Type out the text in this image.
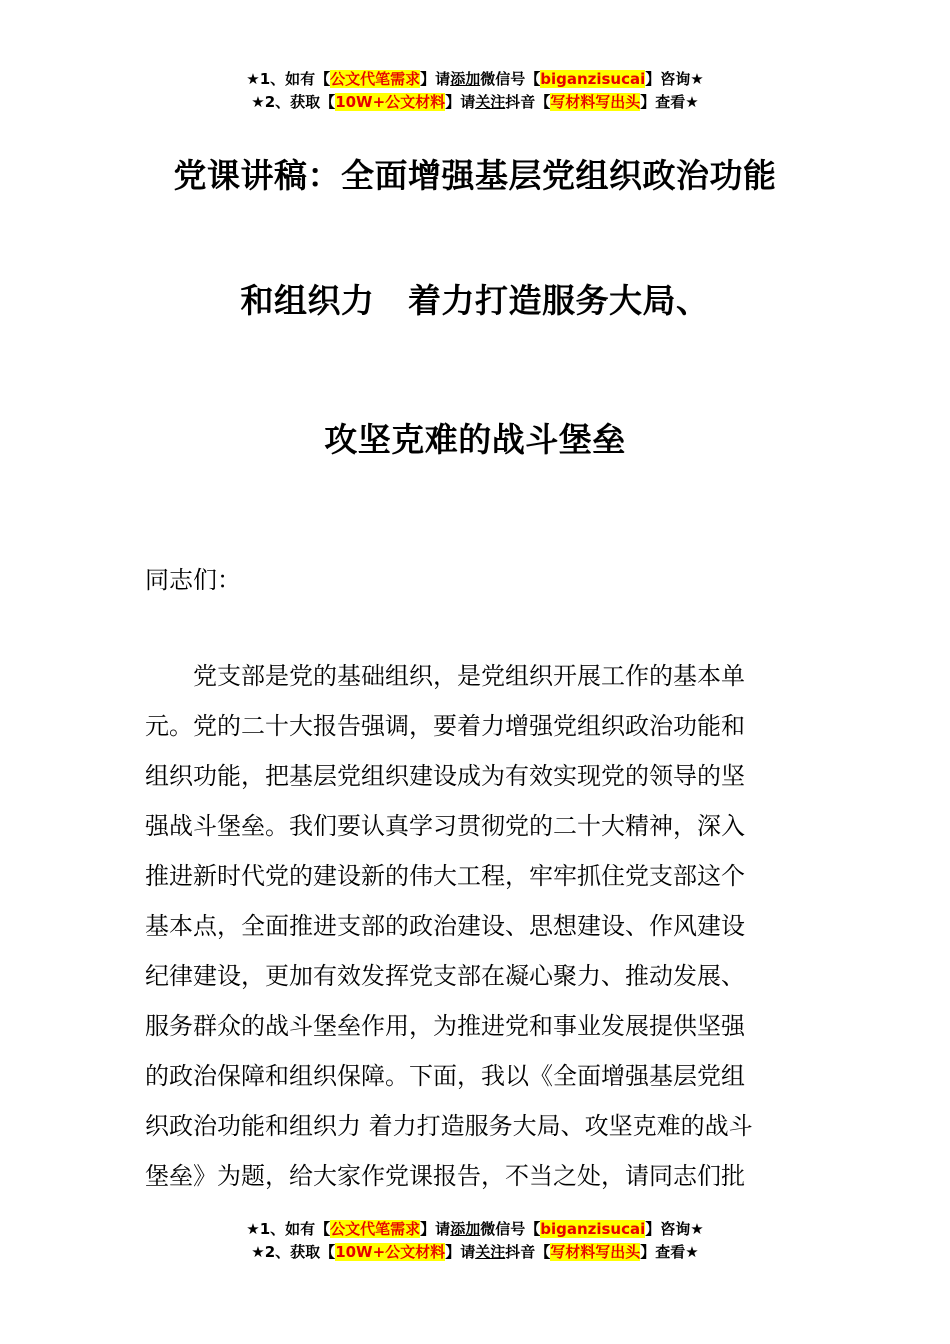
★1、如有【公文代笔需求】请添加微信号【biganzisucai】咨询★
★2、获取【10W+公文材料】请关注抖音【写材料写出头】查看★
党课讲稿：全面增强基层党组织政治功能
和组织力　着力打造服务大局、
攻坚克难的战斗堡垒
同志们：
党支部是党的基础组织，是党组织开展工作的基本单
元。党的二十大报告强调，要着力增强党组织政治功能和
组织功能，把基层党组织建设成为有效实现党的领导的坚
强战斗堡垒。我们要认真学习贯彻党的二十大精神，深入
推进新时代党的建设新的伟大工程，牢牢抓住党支部这个
基本点，全面推进支部的政治建设、思想建设、作风建设
纪律建设，更加有效发挥党支部在凝心聚力、推动发展、
服务群众的战斗堡垒作用，为推进党和事业发展提供坚强
的政治保障和组织保障。下面，我以《全面增强基层党组
织政治功能和组织力 着力打造服务大局、攻坚克难的战斗
堡垒》为题，给大家作党课报告，不当之处，请同志们批
★1、如有【公文代笔需求】请添加微信号【biganzisucai】咨询★
★2、获取【10W+公文材料】请关注抖音【写材料写出头】查看★
